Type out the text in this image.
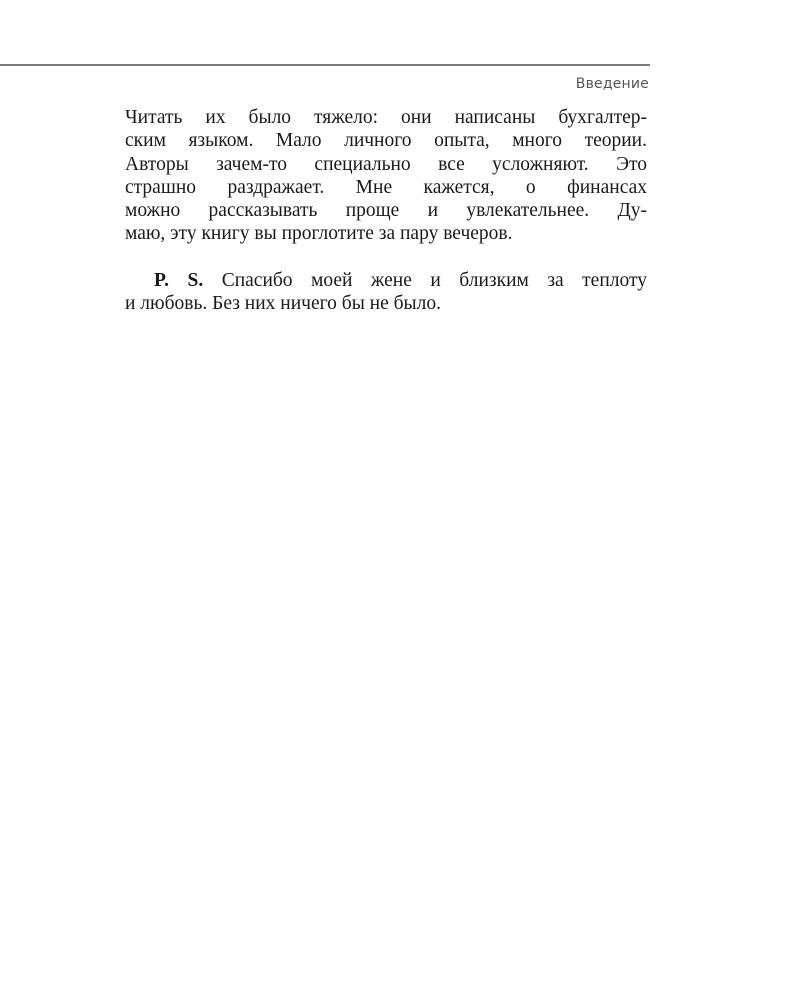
Введение
Читать их было тяжело: они написаны бухгалтер-
ским языком. Мало личного опыта, много теории.
Авторы зачем-то специально все усложняют. Это
страшно раздражает. Мне кажется, о финансах
можно рассказывать проще и увлекательнее. Ду-
маю, эту книгу вы проглотите за пару вечеров.
P. S. Спасибо моей жене и близким за теплоту
и любовь. Без них ничего бы не было.
